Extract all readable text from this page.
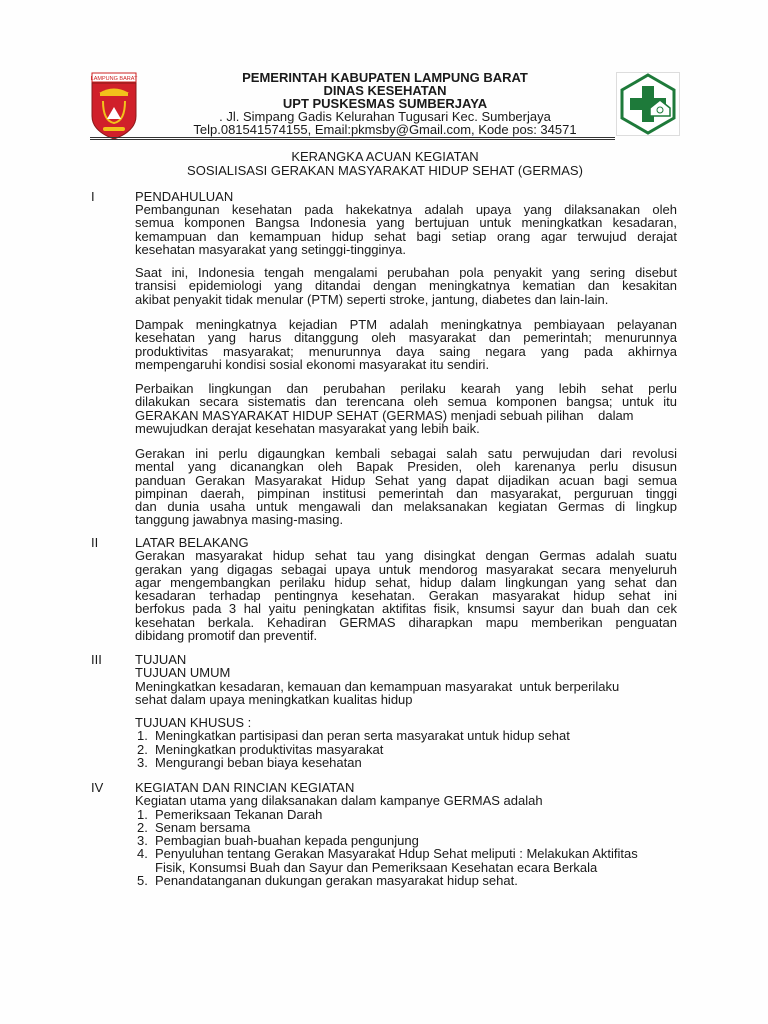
LAMPUNG BARAT	PEMERINTAH KABUPATEN LAMPUNG BARAT
DINAS KESEHATAN
UPT PUSKESMAS SUMBERJAYA
. Jl. Simpang Gadis Kelurahan Tugusari Kec. Sumberjaya
Telp.081541574155, Email:pkmsby@Gmail.com, Kode pos: 34571
KERANGKA ACUAN KEGIATAN
SOSIALISASI GERAKAN MASYARAKAT HIDUP SEHAT (GERMAS)
I	PENDAHULUAN
Pembangunan kesehatan pada hakekatnya adalah upaya yang dilaksanakan oleh
semua komponen Bangsa Indonesia yang bertujuan untuk meningkatkan kesadaran,
kemampuan dan kemampuan hidup sehat bagi setiap orang agar terwujud derajat
kesehatan masyarakat yang setinggi-tingginya.
Saat ini, Indonesia tengah mengalami perubahan pola penyakit yang sering disebut
transisi epidemiologi yang ditandai dengan meningkatnya kematian dan kesakitan
akibat penyakit tidak menular (PTM) seperti stroke, jantung, diabetes dan lain-lain.
Dampak meningkatnya kejadian PTM adalah meningkatnya pembiayaan pelayanan
kesehatan yang harus ditanggung oleh masyarakat dan pemerintah; menurunnya
produktivitas masyarakat; menurunnya daya saing negara yang pada akhirnya
mempengaruhi kondisi sosial ekonomi masyarakat itu sendiri.
Perbaikan lingkungan dan perubahan perilaku kearah yang lebih sehat perlu
dilakukan secara sistematis dan terencana oleh semua komponen bangsa; untuk itu
GERAKAN MASYARAKAT HIDUP SEHAT (GERMAS) menjadi sebuah pilihan    dalam
mewujudkan derajat kesehatan masyarakat yang lebih baik.
Gerakan ini perlu digaungkan kembali sebagai salah satu perwujudan dari revolusi
mental yang dicanangkan oleh Bapak Presiden, oleh karenanya perlu disusun
panduan Gerakan Masyarakat Hidup Sehat yang dapat dijadikan acuan bagi semua
pimpinan daerah, pimpinan institusi pemerintah dan masyarakat, perguruan tinggi
dan dunia usaha untuk mengawali dan melaksanakan kegiatan Germas di lingkup
tanggung jawabnya masing-masing.
II	LATAR BELAKANG
Gerakan masyarakat hidup sehat tau yang disingkat dengan Germas adalah suatu
gerakan yang digagas sebagai upaya untuk mendorog masyarakat secara menyeluruh
agar mengembangkan perilaku hidup sehat, hidup dalam lingkungan yang sehat dan
kesadaran terhadap pentingnya kesehatan. Gerakan masyarakat hidup sehat ini
berfokus pada 3 hal yaitu peningkatan aktifitas fisik, knsumsi sayur dan buah dan cek
kesehatan berkala. Kehadiran GERMAS diharapkan mapu memberikan penguatan
dibidang promotif dan preventif.
III	TUJUAN
TUJUAN UMUM
Meningkatkan kesadaran, kemauan dan kemampuan masyarakat  untuk berperilaku
sehat dalam upaya meningkatkan kualitas hidup
TUJUAN KHUSUS :
1. Meningkatkan partisipasi dan peran serta masyarakat untuk hidup sehat
2. Meningkatkan produktivitas masyarakat
3. Mengurangi beban biaya kesehatan
IV KEGIATAN DAN RINCIAN KEGIATAN
Kegiatan utama yang dilaksanakan dalam kampanye GERMAS adalah
1. Pemeriksaan Tekanan Darah
2. Senam bersama
3. Pembagian buah-buahan kepada pengunjung
4. Penyuluhan tentang Gerakan Masyarakat Hdup Sehat meliputi : Melakukan Aktifitas
Fisik, Konsumsi Buah dan Sayur dan Pemeriksaan Kesehatan ecara Berkala
5. Penandatanganan dukungan gerakan masyarakat hidup sehat.
